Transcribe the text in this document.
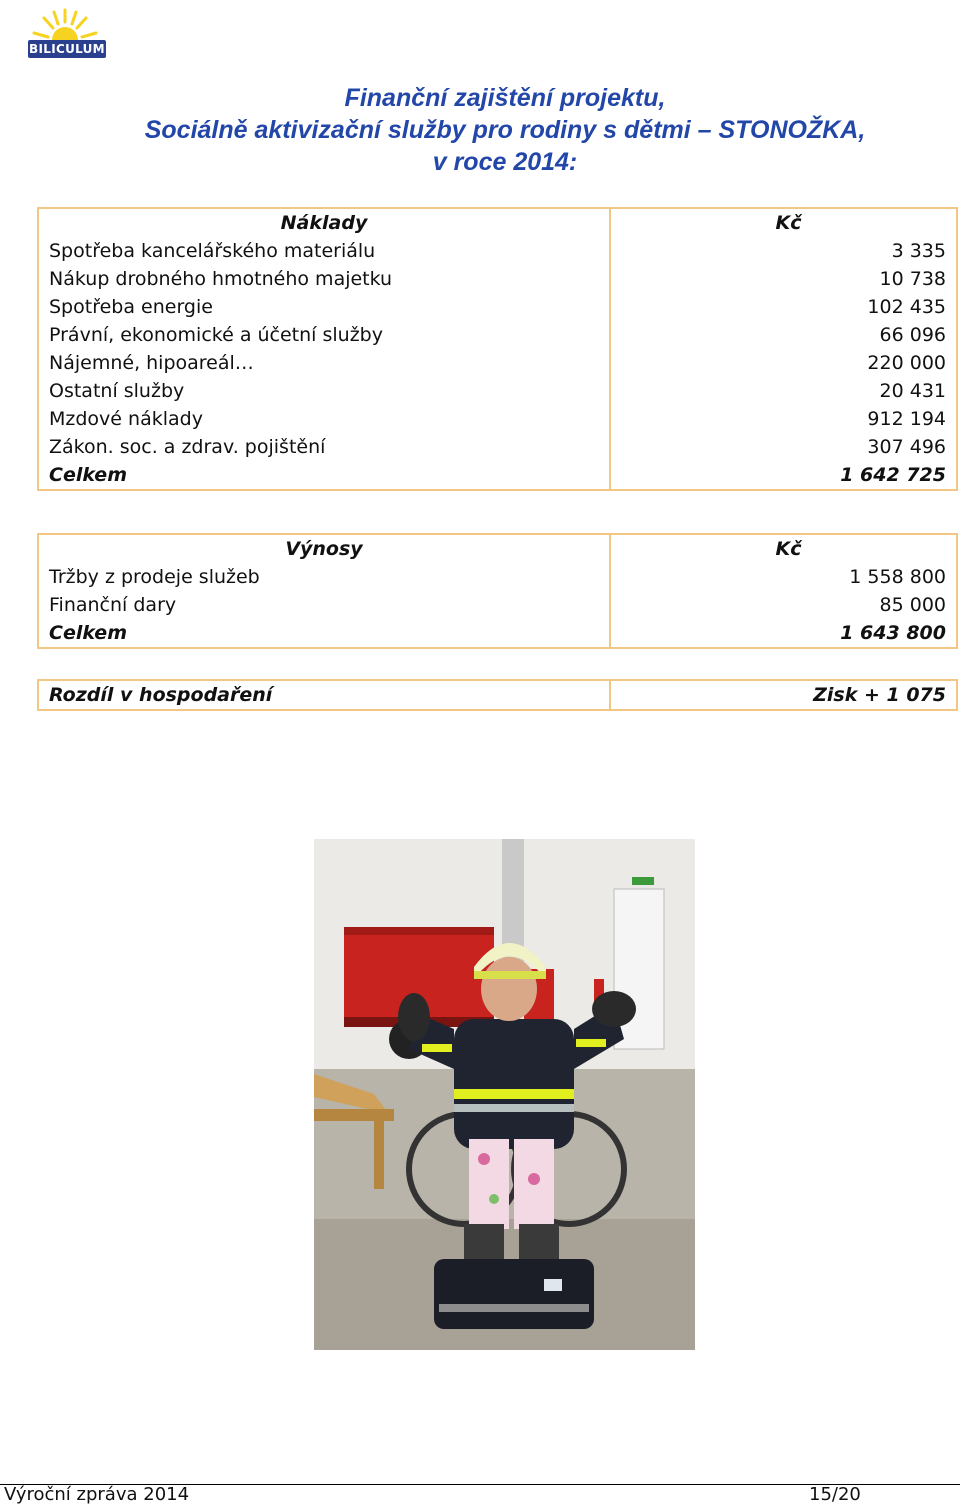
BILICULUM
Finanční zajištění projektu,
Sociálně aktivizační služby pro rodiny s dětmi – STONOŽKA,
v roce 2014:
Náklady	Kč
Spotřeba kancelářského materiálu	3 335
Nákup drobného hmotného majetku	10 738
Spotřeba energie	102 435
Právní, ekonomické a účetní služby	66 096
Nájemné, hipoareál…	220 000
Ostatní služby	20 431
Mzdové náklady	912 194
Zákon. soc. a zdrav. pojištění	307 496
Celkem	1 642 725
Výnosy	Kč
Tržby z prodeje služeb	1 558 800
Finanční dary	85 000
Celkem	1 643 800
Rozdíl v hospodaření	Zisk + 1 075
Výroční zpráva 2014	15/20
